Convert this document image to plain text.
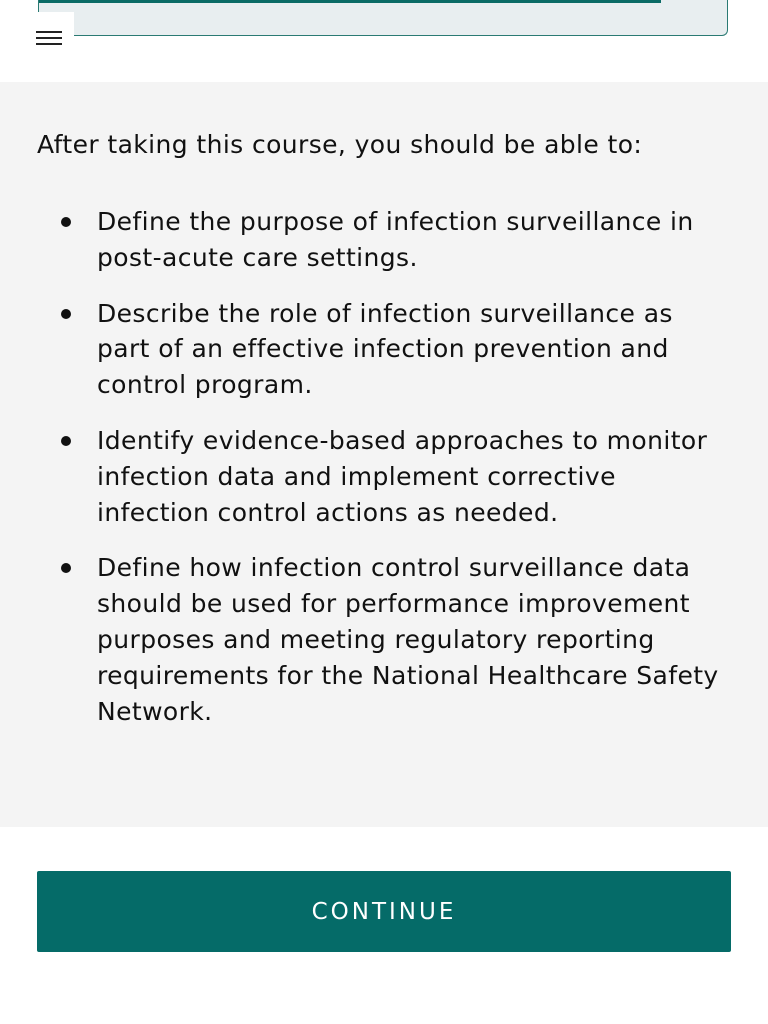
After taking this course, you should be able to:

Define the purpose of infection surveillance in post-acute care settings.
Describe the role of infection surveillance as part of an effective infection prevention and control program.
Identify evidence-based approaches to monitor infection data and implement corrective infection control actions as needed.
Define how infection control surveillance data should be used for performance improvement purposes and meeting regulatory reporting requirements for the National Healthcare Safety Network.
CONTINUE
